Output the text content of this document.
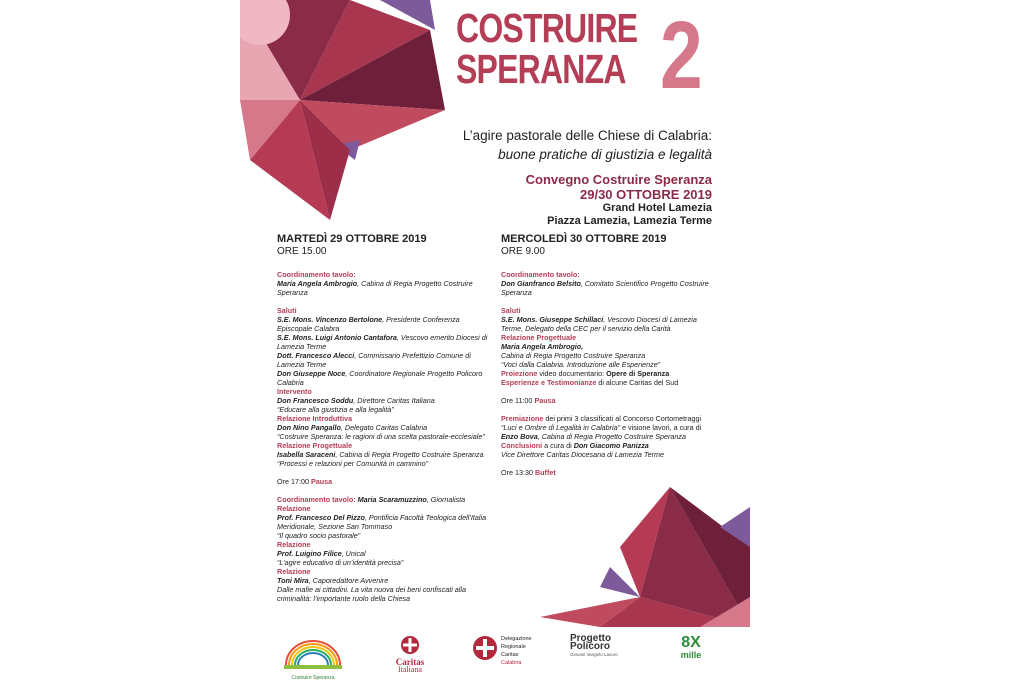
COSTRUIRE
SPERANZA 2
L’agire pastorale delle Chiese di Calabria:
buone pratiche di giustizia e legalità
Convegno Costruire Speranza
29/30 OTTOBRE 2019
Grand Hotel Lamezia
Piazza Lamezia, Lamezia Terme
MARTEDÌ 29 OTTOBRE 2019
ORE 15.00
Coordinamento tavolo:
Maria Angela Ambrogio, Cabina di Regia Progetto Costruire Speranza
Saluti
S.E. Mons. Vincenzo Bertolone, Presidente Conferenza Episcopale Calabra
S.E. Mons. Luigi Antonio Cantafora, Vescovo emerito Diocesi di Lamezia Terme
Dott. Francesco Alecci, Commissario Prefettizio Comune di Lamezia Terme
Don Giuseppe Noce, Coordinatore Regionale Progetto Policoro Calabria
Intervento
Don Francesco Soddu, Direttore Caritas Italiana
“Educare alla giustizia e alla legalità”
Relazione Introduttiva
Don Nino Pangallo, Delegato Caritas Calabria
“Costruire Speranza: le ragioni di una scelta pastorale-ecclesiale”
Relazione Progettuale
Isabella Saraceni, Cabina di Regia Progetto Costruire Speranza
“Processi e relazioni per Comunità in cammino”
Ore 17:00 Pausa
Coordinamento tavolo: Maria Scaramuzzino, Giornalista
Relazione
Prof. Francesco Del Pizzo, Pontificia Facoltà Teologica dell’Italia Meridionale, Sezione San Tommaso
“Il quadro socio pastorale”
Relazione
Prof. Luigino Filice, Unical
“L’agire educativo di un’identità precisa”
Relazione
Toni Mira, Caporedattore Avvenire
Dalle mafie ai cittadini. La vita nuova dei beni confiscati alla criminalità: l’importante ruolo della Chiesa
MERCOLEDÌ 30 OTTOBRE 2019
ORE 9.00
Coordinamento tavolo:
Don Gianfranco Belsito, Comitato Scientifico Progetto Costruire Speranza
Saluti
S.E. Mons. Giuseppe Schillaci, Vescovo Diocesi di Lamezia Terme, Delegato della CEC per il servizio della Carità
Relazione Progettuale
Maria Angela Ambrogio,
Cabina di Regia Progetto Costruire Speranza
“Voci dalla Calabria. Introduzione alle Esperienze”
Proiezione video documentario: Opere di Speranza
Esperienze e Testimonianze di alcune Caritas del Sud
Ore 11:00 Pausa
Premiazione dei primi 3 classificati al Concorso Cortometraggi “Luci e Ombre di Legalità in Calabria” e visione lavori, a cura di Enzo Bova, Cabina di Regia Progetto Costruire Speranza
Conclusioni a cura di Don Giacomo Panizza
Vice Direttore Caritas Diocesana di Lamezia Terme
Ore 13:30 Buffet
Costruire Speranza
Caritas
Italiana
Delegazione
Regionale
Caritas
Calabria
Progetto
Policoro
Giovani Vangelo Lavoro
8X
mille
